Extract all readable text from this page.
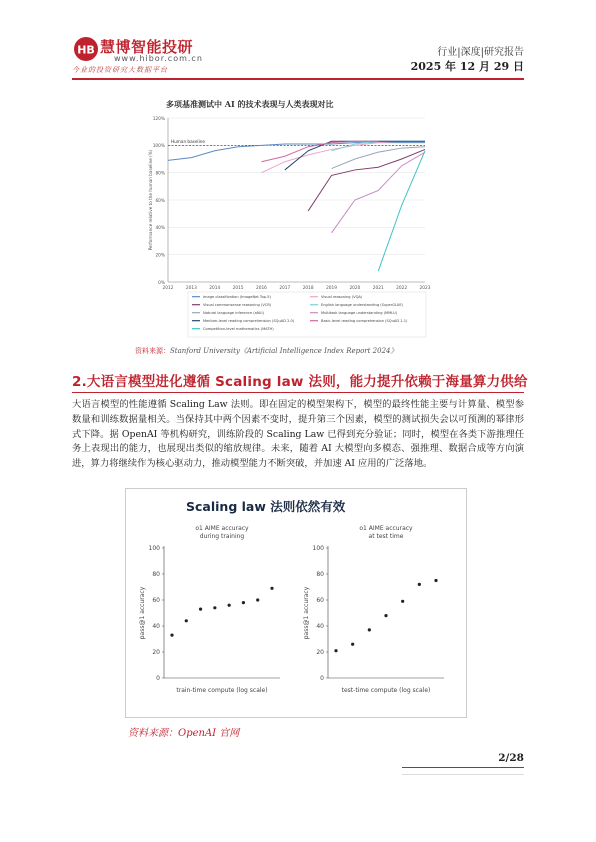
HB 慧博智能投研
www.hibor.com.cn
今业的投资研究大数据平台
行业|深度|研究报告
2025 年 12 月 29 日
多项基准测试中 AI 的技术表现与人类表现对比
0%
20%
40%
60%
80%
100%
120%
2012	2013	2014	2015	2016	2017	2018	2019	2020	2021	2022	2023
Performance relative to the human baseline (%)
Human baseline
Image classification (ImageNet Top-5)	Visual reasoning (VQA)
Visual commonsense reasoning (VCR)	English language understanding (SuperGLUE)
Natural language inference (aNLI)	Multitask language understanding (MMLU)
Medium-level reading comprehension (SQuAD 2.0)	Basic-level reading comprehension (SQuAD 1.1)
Competition-level mathematics (MATH)
资料来源：Stanford University《Artificial Intelligence Index Report 2024》
2.大语言模型进化遵循 Scaling law 法则，能力提升依赖于海量算力供给
大语言模型的性能遵循 Scaling Law 法则。即在固定的模型架构下，模型的最终性能主要与计算量、模型参数量和训练数据量相关。当保持其中两个因素不变时，提升第三个因素，模型的测试损失会以可预测的幂律形式下降。据 OpenAI 等机构研究，训练阶段的 Scaling Law 已得到充分验证；同时，模型在各类下游推理任务上表现出的能力，也展现出类似的缩放规律。未来，随着 AI 大模型向多模态、强推理、数据合成等方向演进，算力将继续作为核心驱动力，推动模型能力不断突破，并加速 AI 应用的广泛落地。
Scaling law 法则依然有效
o1 AIME accuracy
during training
0
20
40
60
80
100
pass@1 accuracy
train-time compute (log scale)
o1 AIME accuracy
at test time
0
20
40
60
80
100
pass@1 accuracy
test-time compute (log scale)
资料来源：OpenAI 官网
2/28
